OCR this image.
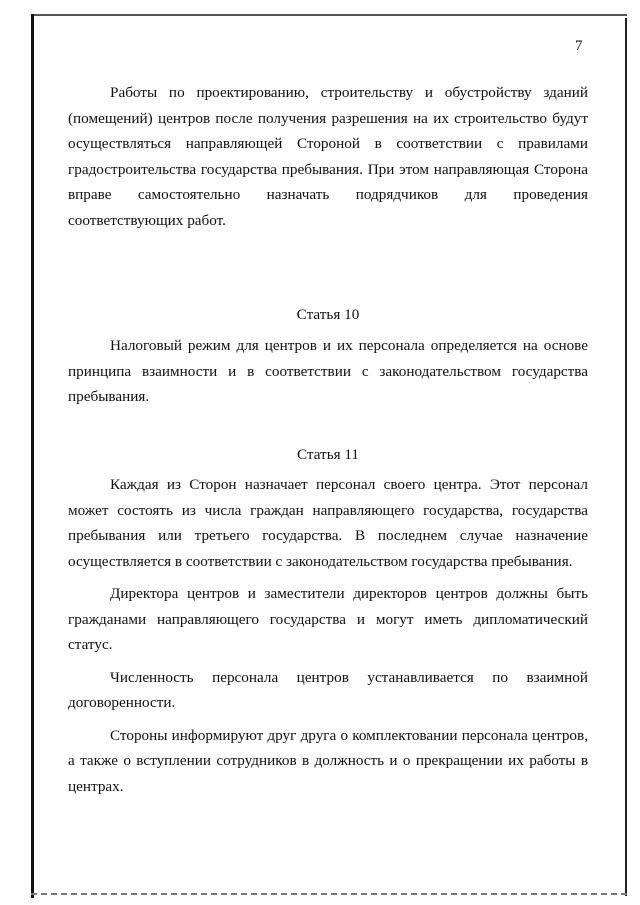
7

Работы по проектированию, строительству и обустройству зданий (помещений) центров после получения разрешения на их строительство будут осуществляться направляющей Стороной в соответствии с правилами градостроительства государства пребывания. При этом направляющая Сторона вправе самостоятельно назначать подрядчиков для проведения соответствующих работ.

Статья 10

Налоговый режим для центров и их персонала определяется на основе принципа взаимности и в соответствии с законодательством государства пребывания.

Статья 11

Каждая из Сторон назначает персонал своего центра. Этот персонал может состоять из числа граждан направляющего государства, государства пребывания или третьего государства. В последнем случае назначение осуществляется в соответствии с законодательством государства пребывания.

Директора центров и заместители директоров центров должны быть гражданами направляющего государства и могут иметь дипломатический статус.

Численность персонала центров устанавливается по взаимной договоренности.

Стороны информируют друг друга о комплектовании персонала центров, а также о вступлении сотрудников в должность и о прекращении их работы в центрах.
